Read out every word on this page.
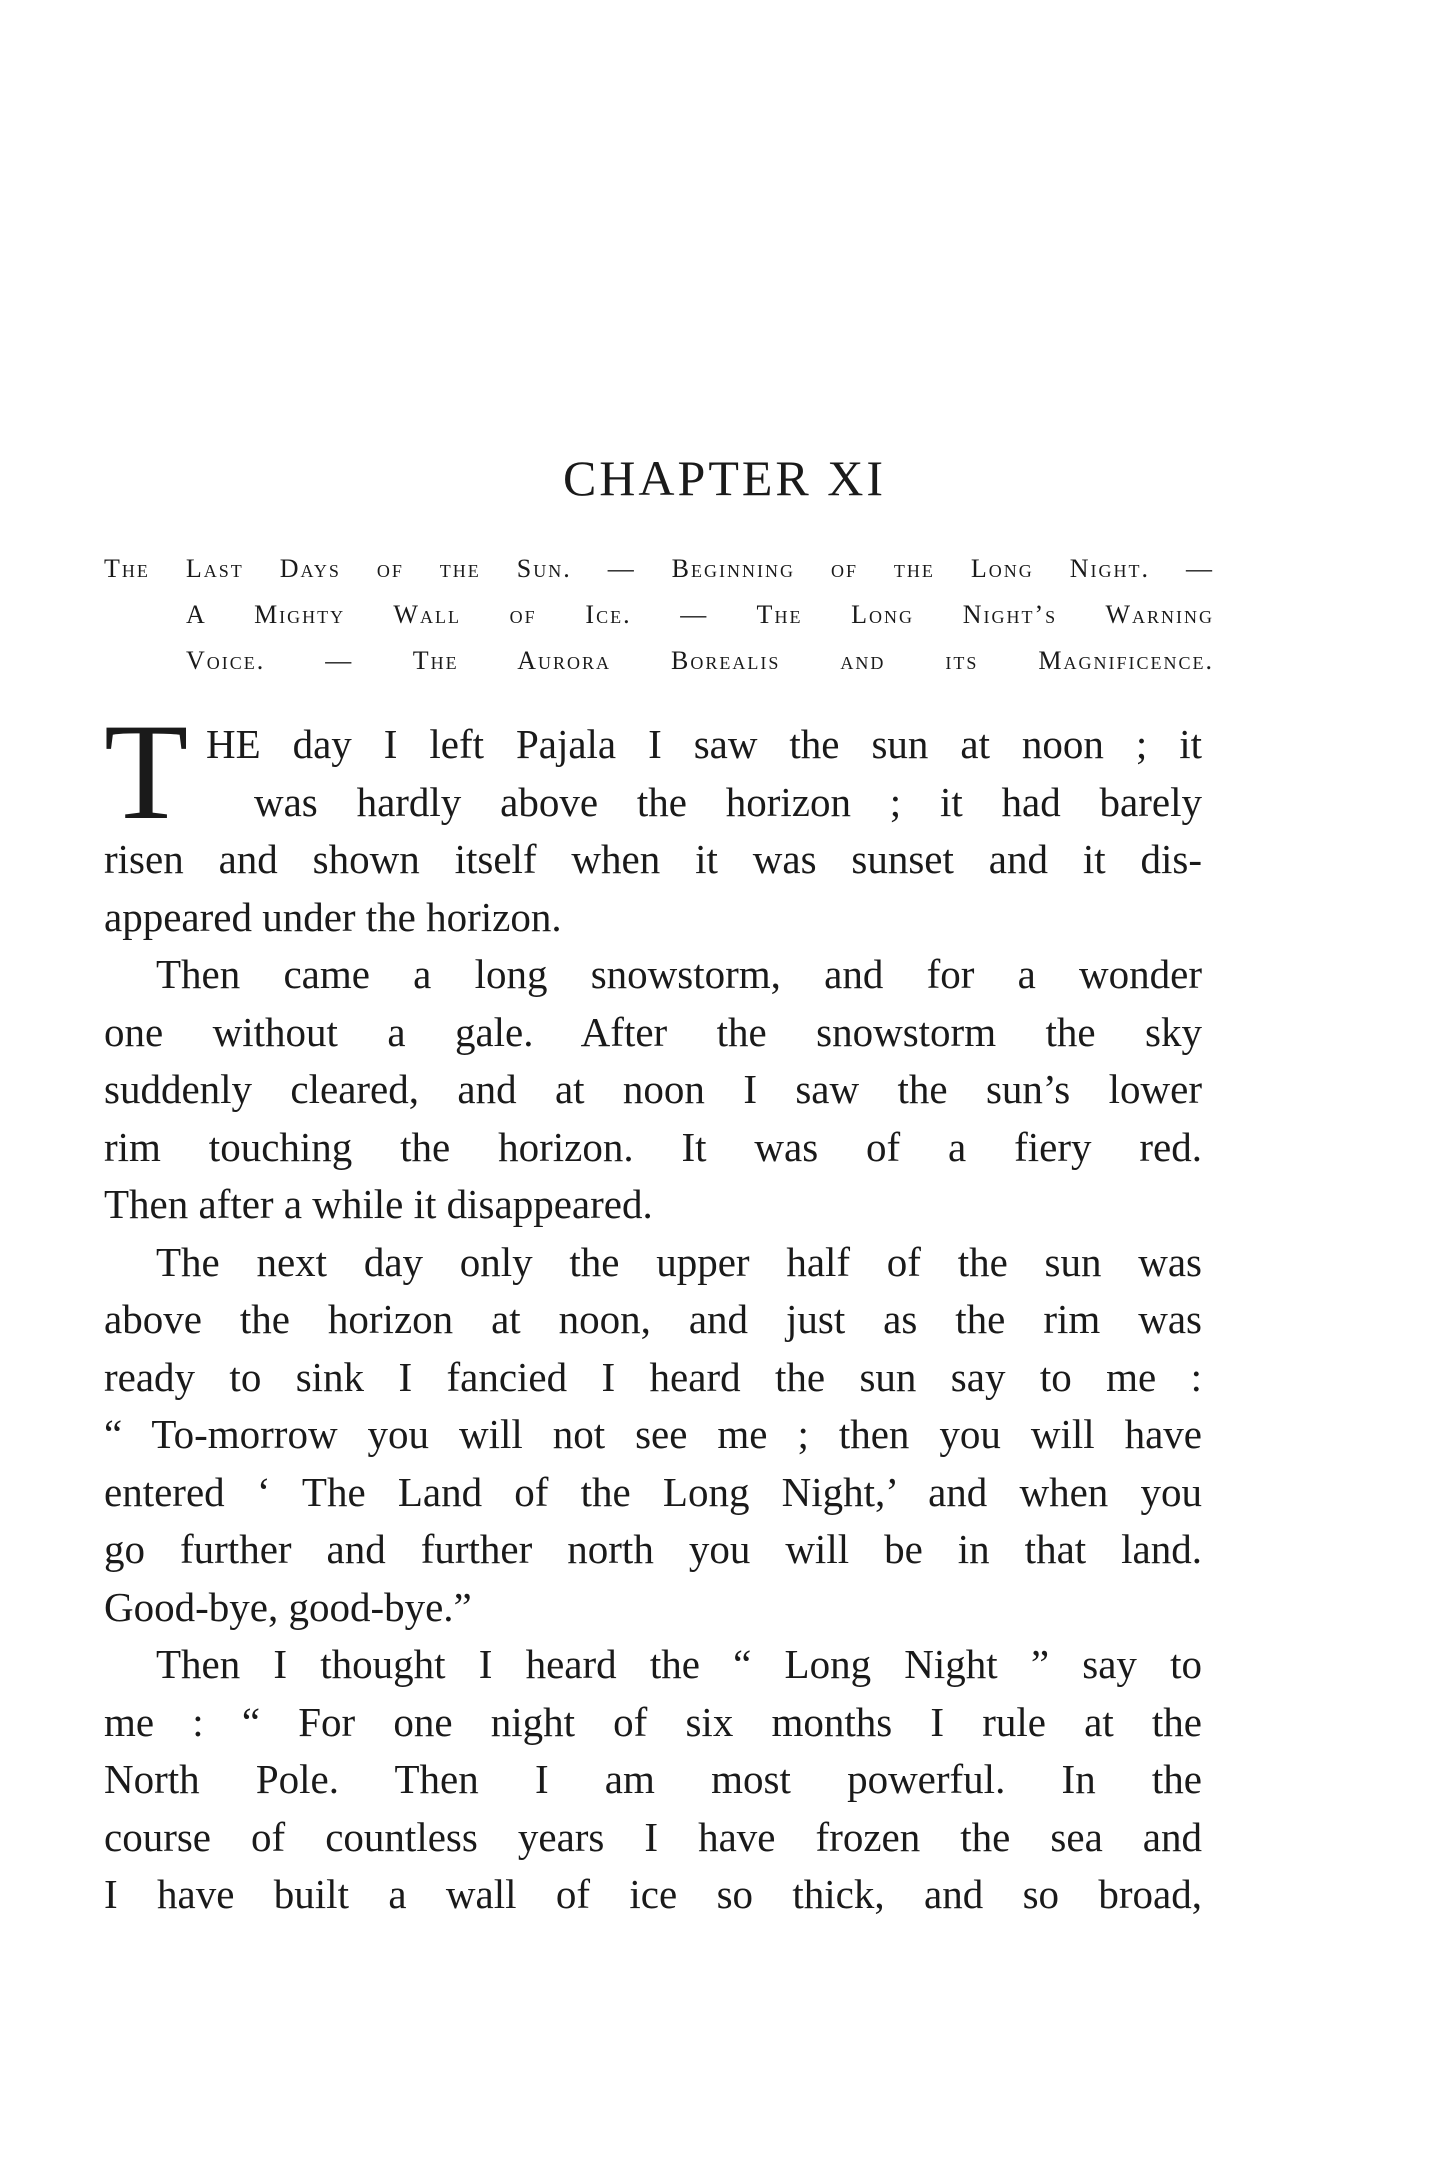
CHAPTER XI
The Last Days of the Sun. — Beginning of the Long Night. —
A Mighty Wall of Ice. — The Long Night’s Warning
Voice. — The Aurora Borealis and its Magnificence.
T HE day I left Pajala I saw the sun at noon ; it
was hardly above the horizon ; it had barely
risen and shown itself when it was sunset and it dis-
appeared under the horizon.
Then came a long snowstorm, and for a wonder
one without a gale. After the snowstorm the sky
suddenly cleared, and at noon I saw the sun’s lower
rim touching the horizon. It was of a fiery red.
Then after a while it disappeared.
The next day only the upper half of the sun was
above the horizon at noon, and just as the rim was
ready to sink I fancied I heard the sun say to me :
“ To-morrow you will not see me ; then you will have
entered ‘ The Land of the Long Night,’ and when you
go further and further north you will be in that land.
Good-bye, good-bye.”
Then I thought I heard the “ Long Night ” say to
me : “ For one night of six months I rule at the
North Pole. Then I am most powerful. In the
course of countless years I have frozen the sea and
I have built a wall of ice so thick, and so broad,
